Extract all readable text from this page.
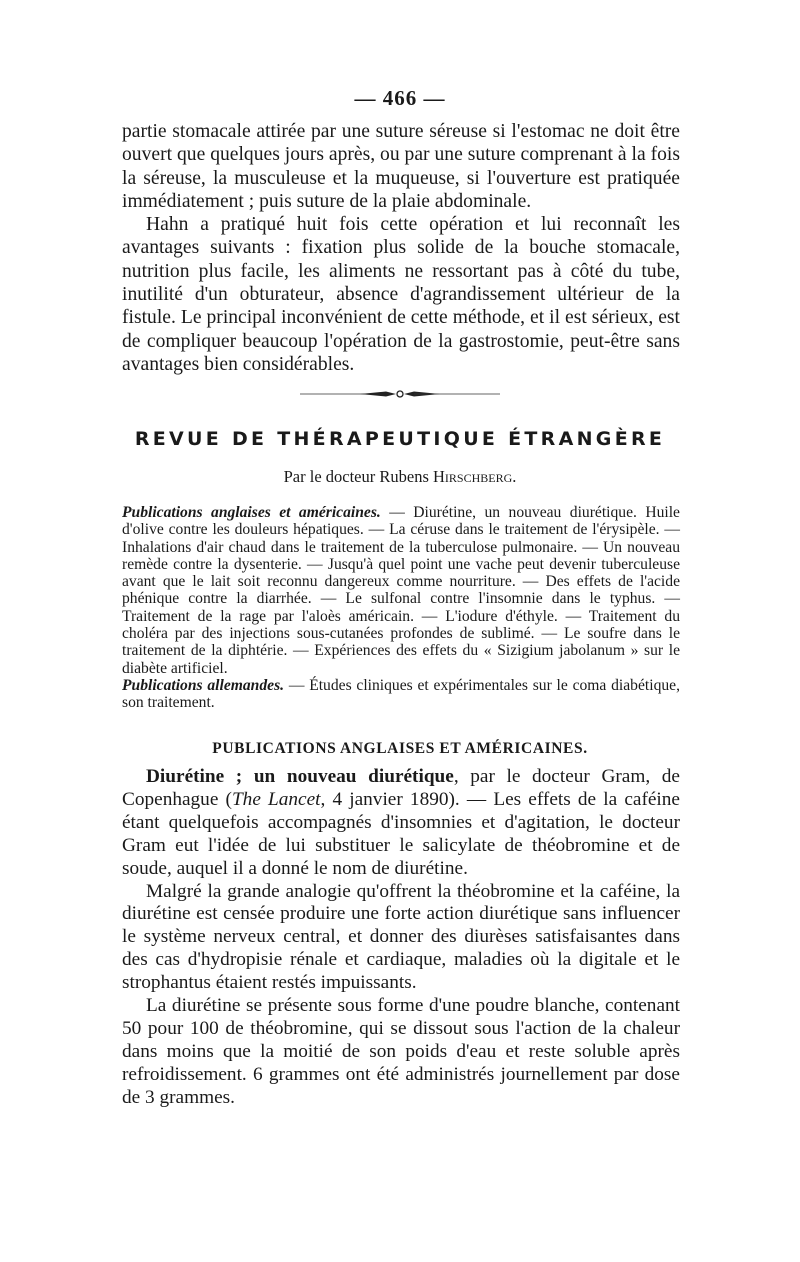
— 466 —

partie stomacale attirée par une suture séreuse si l'estomac ne doit être ouvert que quelques jours après, ou par une suture comprenant à la fois la séreuse, la musculeuse et la muqueuse, si l'ouverture est pratiquée immédiatement ; puis suture de la plaie abdominale.

Hahn a pratiqué huit fois cette opération et lui reconnaît les avantages suivants : fixation plus solide de la bouche stomacale, nutrition plus facile, les aliments ne ressortant pas à côté du tube, inutilité d'un obturateur, absence d'agrandissement ultérieur de la fistule. Le principal inconvénient de cette méthode, et il est sérieux, est de compliquer beaucoup l'opération de la gastrostomie, peut-être sans avantages bien considérables.

REVUE DE THÉRAPEUTIQUE ÉTRANGÈRE
Par le docteur Rubens Hirschberg.

Publications anglaises et américaines. — Diurétine, un nouveau diurétique. Huile d'olive contre les douleurs hépatiques. — La céruse dans le traitement de l'érysipèle. — Inhalations d'air chaud dans le traitement de la tuberculose pulmonaire. — Un nouveau remède contre la dysenterie. — Jusqu'à quel point une vache peut devenir tuberculeuse avant que le lait soit reconnu dangereux comme nourriture. — Des effets de l'acide phénique contre la diarrhée. — Le sulfonal contre l'insomnie dans le typhus. — Traitement de la rage par l'aloès américain. — L'iodure d'éthyle. — Traitement du choléra par des injections sous-cutanées profondes de sublimé. — Le soufre dans le traitement de la diphtérie. — Expériences des effets du « Sizigium jabolanum » sur le diabète artificiel.

Publications allemandes. — Études cliniques et expérimentales sur le coma diabétique, son traitement.

PUBLICATIONS ANGLAISES ET AMÉRICAINES.

Diurétine ; un nouveau diurétique, par le docteur Gram, de Copenhague (The Lancet, 4 janvier 1890). — Les effets de la caféine étant quelquefois accompagnés d'insomnies et d'agitation, le docteur Gram eut l'idée de lui substituer le salicylate de théobromine et de soude, auquel il a donné le nom de diurétine.

Malgré la grande analogie qu'offrent la théobromine et la caféine, la diurétine est censée produire une forte action diurétique sans influencer le système nerveux central, et donner des diurèses satisfaisantes dans des cas d'hydropisie rénale et cardiaque, maladies où la digitale et le strophantus étaient restés impuissants.

La diurétine se présente sous forme d'une poudre blanche, contenant 50 pour 100 de théobromine, qui se dissout sous l'action de la chaleur dans moins que la moitié de son poids d'eau et reste soluble après refroidissement. 6 grammes ont été administrés journellement par dose de 3 grammes.
